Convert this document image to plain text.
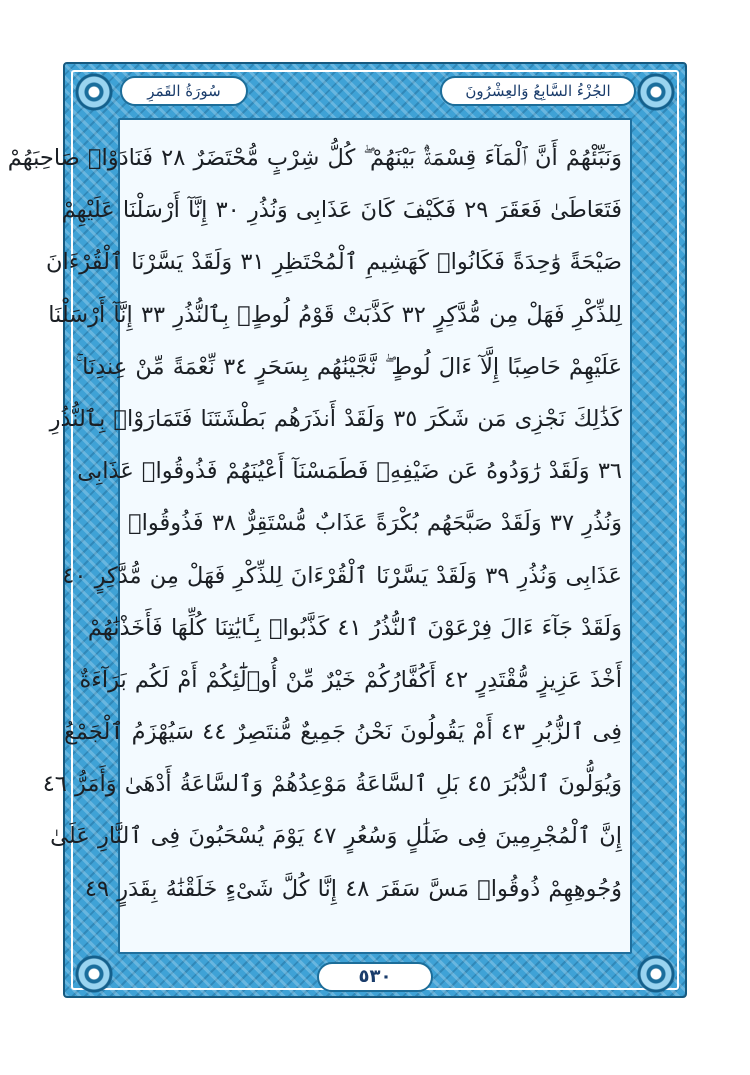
الجُزْءُ السَّابِعُ وَالعِشْرُونَ
سُورَةُ القَمَرِ
وَنَبِّئْهُمْ أَنَّ ٱلْمَآءَ قِسْمَةٌۢ بَيْنَهُمْ ۖ كُلُّ شِرْبٍ مُّحْتَضَرٌ ٢٨ فَنَادَوْا۟ صَاحِبَهُمْ
فَتَعَاطَىٰ فَعَقَرَ ٢٩ فَكَيْفَ كَانَ عَذَابِى وَنُذُرِ ٣٠ إِنَّآ أَرْسَلْنَا عَلَيْهِمْ
صَيْحَةً وَٰحِدَةً فَكَانُوا۟ كَهَشِيمِ ٱلْمُحْتَظِرِ ٣١ وَلَقَدْ يَسَّرْنَا ٱلْقُرْءَانَ
لِلذِّكْرِ فَهَلْ مِن مُّدَّكِرٍ ٣٢ كَذَّبَتْ قَوْمُ لُوطٍۭ بِٱلنُّذُرِ ٣٣ إِنَّآ أَرْسَلْنَا
عَلَيْهِمْ حَاصِبًا إِلَّآ ءَالَ لُوطٍ ۖ نَّجَّيْنَٰهُم بِسَحَرٍ ٣٤ نِّعْمَةً مِّنْ عِندِنَا ۚ
كَذَٰلِكَ نَجْزِى مَن شَكَرَ ٣٥ وَلَقَدْ أَنذَرَهُم بَطْشَتَنَا فَتَمَارَوْا۟ بِٱلنُّذُرِ
٣٦ وَلَقَدْ رَٰوَدُوهُ عَن ضَيْفِهِۦ فَطَمَسْنَآ أَعْيُنَهُمْ فَذُوقُوا۟ عَذَابِى
وَنُذُرِ ٣٧ وَلَقَدْ صَبَّحَهُم بُكْرَةً عَذَابٌ مُّسْتَقِرٌّ ٣٨ فَذُوقُوا۟
عَذَابِى وَنُذُرِ ٣٩ وَلَقَدْ يَسَّرْنَا ٱلْقُرْءَانَ لِلذِّكْرِ فَهَلْ مِن مُّدَّكِرٍ ٤٠
وَلَقَدْ جَآءَ ءَالَ فِرْعَوْنَ ٱلنُّذُرُ ٤١ كَذَّبُوا۟ بِـَٔايَٰتِنَا كُلِّهَا فَأَخَذْنَٰهُمْ
أَخْذَ عَزِيزٍ مُّقْتَدِرٍ ٤٢ أَكُفَّارُكُمْ خَيْرٌ مِّنْ أُو۟لَٰٓئِكُمْ أَمْ لَكُم بَرَآءَةٌ
فِى ٱلزُّبُرِ ٤٣ أَمْ يَقُولُونَ نَحْنُ جَمِيعٌ مُّنتَصِرٌ ٤٤ سَيُهْزَمُ ٱلْجَمْعُ
وَيُوَلُّونَ ٱلدُّبُرَ ٤٥ بَلِ ٱلسَّاعَةُ مَوْعِدُهُمْ وَٱلسَّاعَةُ أَدْهَىٰ وَأَمَرُّ ٤٦
إِنَّ ٱلْمُجْرِمِينَ فِى ضَلَٰلٍ وَسُعُرٍ ٤٧ يَوْمَ يُسْحَبُونَ فِى ٱلنَّارِ عَلَىٰ
وُجُوهِهِمْ ذُوقُوا۟ مَسَّ سَقَرَ ٤٨ إِنَّا كُلَّ شَىْءٍ خَلَقْنَٰهُ بِقَدَرٍ ٤٩
٥٣٠
